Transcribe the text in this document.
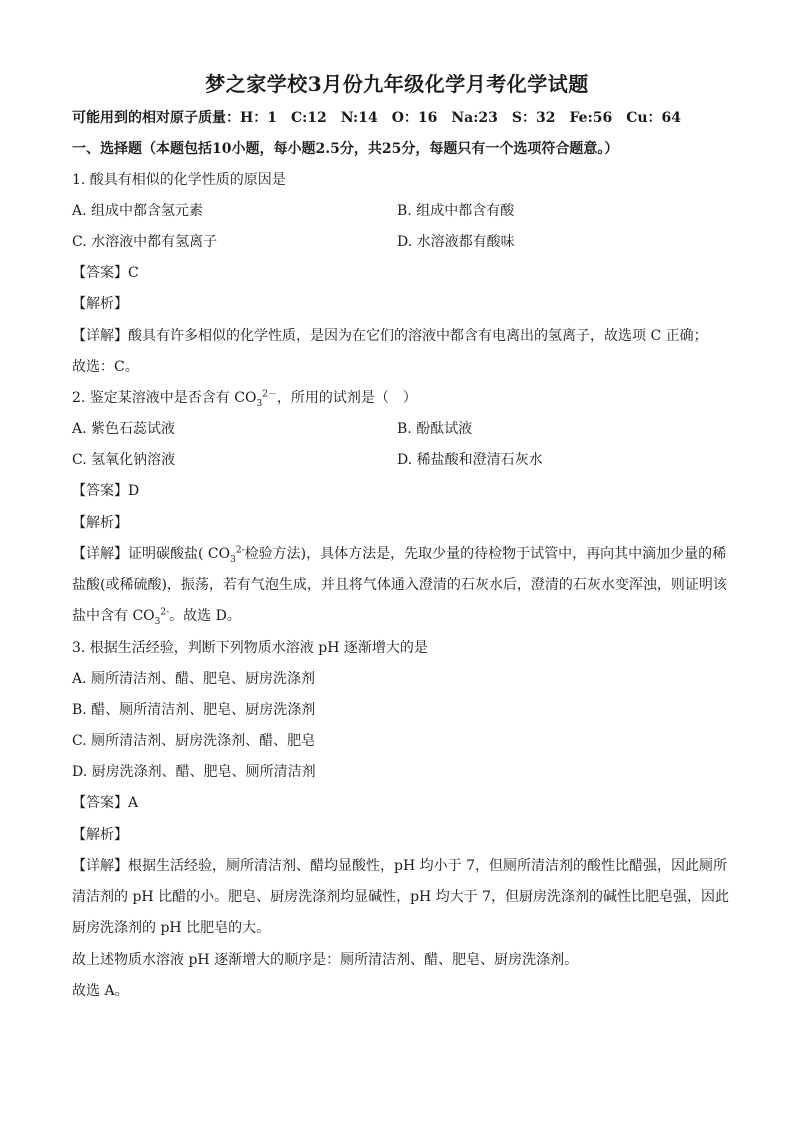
梦之家学校3月份九年级化学月考化学试题
可能用到的相对原子质量：H：1　C:12　N:14　O：16　Na:23　S：32　Fe:56　Cu：64
一、选择题（本题包括10小题，每小题2.5分，共25分，每题只有一个选项符合题意。）
1. 酸具有相似的化学性质的原因是
A. 组成中都含氢元素	B. 组成中都含有酸
C. 水溶液中都有氢离子	D. 水溶液都有酸味
【答案】C
【解析】
【详解】酸具有许多相似的化学性质，是因为在它们的溶液中都含有电离出的氢离子，故选项 C 正确；
故选：C。
2. 鉴定某溶液中是否含有 $CO_3^{2-}$，所用的试剂是（　）
A. 紫色石蕊试液	B. 酚酞试液
C. 氢氧化钠溶液	D. 稀盐酸和澄清石灰水
【答案】D
【解析】
【详解】证明碳酸盐( $CO_3^{2-}$检验方法)，具体方法是，先取少量的待检物于试管中，再向其中滴加少量的稀
盐酸(或稀硫酸)，振荡，若有气泡生成，并且将气体通入澄清的石灰水后，澄清的石灰水变浑浊，则证明该
盐中含有 $CO_3^{2-}$。故选 D。
3. 根据生活经验，判断下列物质水溶液 pH 逐渐增大的是
A. 厕所清洁剂、醋、肥皂、厨房洗涤剂
B. 醋、厕所清洁剂、肥皂、厨房洗涤剂
C. 厕所清洁剂、厨房洗涤剂、醋、肥皂
D. 厨房洗涤剂、醋、肥皂、厕所清洁剂
【答案】A
【解析】
【详解】根据生活经验，厕所清洁剂、醋均显酸性，pH 均小于 7，但厕所清洁剂的酸性比醋强，因此厕所
清洁剂的 pH 比醋的小。肥皂、厨房洗涤剂均显碱性，pH 均大于 7，但厨房洗涤剂的碱性比肥皂强，因此
厨房洗涤剂的 pH 比肥皂的大。
故上述物质水溶液 pH 逐渐增大的顺序是：厕所清洁剂、醋、肥皂、厨房洗涤剂。
故选 A。
